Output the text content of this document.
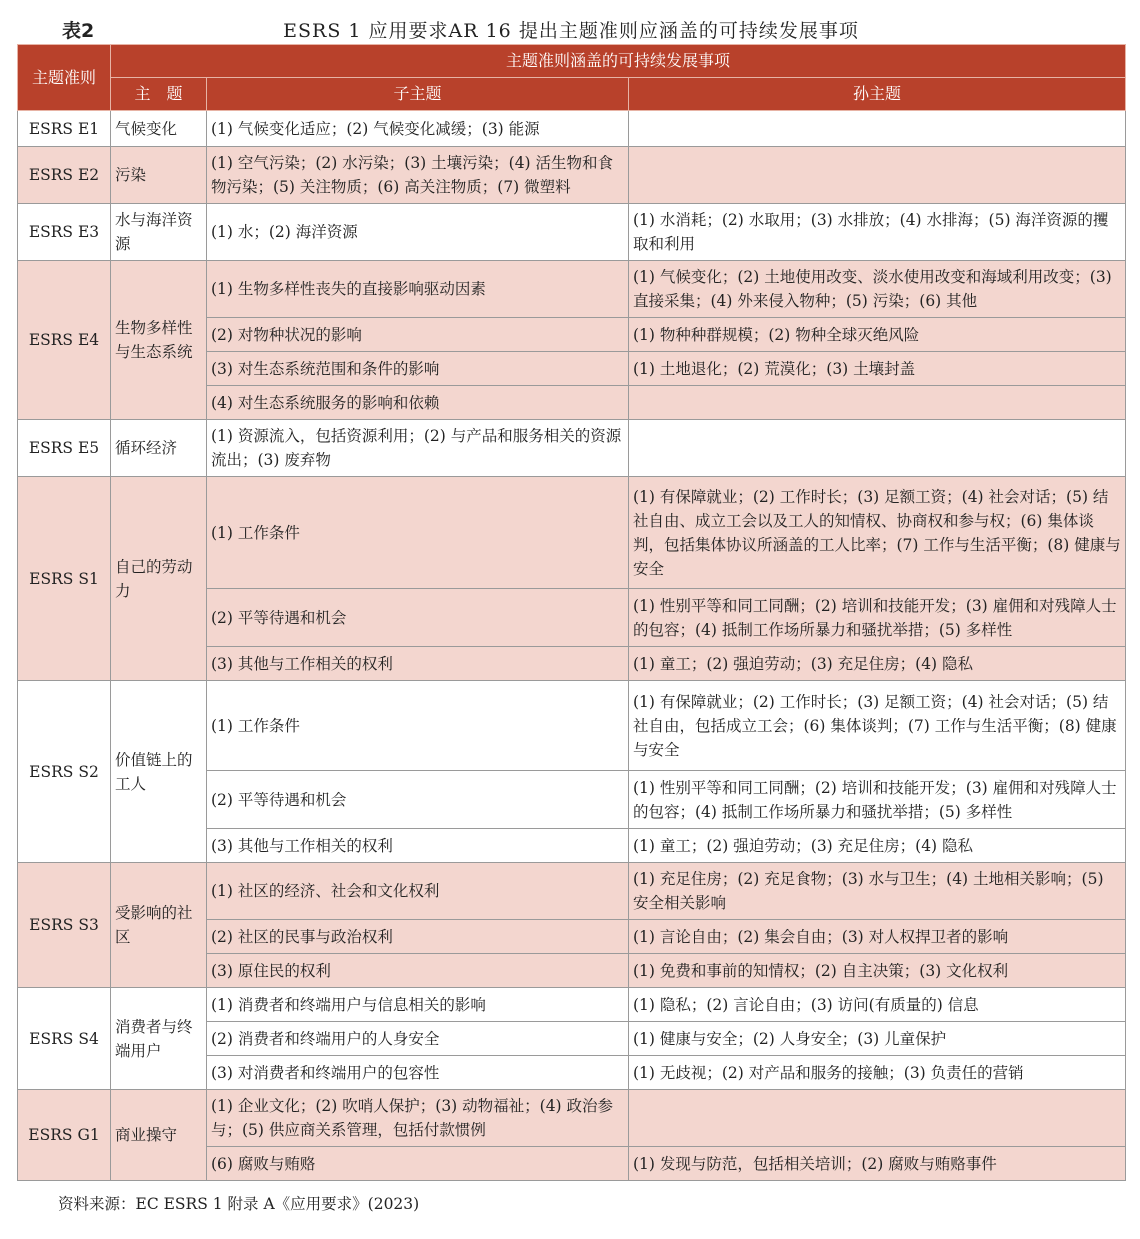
表2	ESRS 1 应用要求AR 16 提出主题准则应涵盖的可持续发展事项
主题准则	主题准则涵盖的可持续发展事项		
	主　题	子主题	孙主题
ESRS E1	气候变化	(1) 气候变化适应；(2) 气候变化减缓；(3) 能源	
ESRS E2	污染	(1) 空气污染；(2) 水污染；(3) 土壤污染；(4) 活生物和食物污染；(5) 关注物质；(6) 高关注物质；(7) 微塑料	
ESRS E3	水与海洋资源	(1) 水；(2) 海洋资源	(1) 水消耗；(2) 水取用；(3) 水排放；(4) 水排海；(5) 海洋资源的攫取和利用
ESRS E4	生物多样性与生态系统	(1) 生物多样性丧失的直接影响驱动因素	(1) 气候变化；(2) 土地使用改变、淡水使用改变和海域利用改变；(3) 直接采集；(4) 外来侵入物种；(5) 污染；(6) 其他
		(2) 对物种状况的影响	(1) 物种种群规模；(2) 物种全球灭绝风险
		(3) 对生态系统范围和条件的影响	(1) 土地退化；(2) 荒漠化；(3) 土壤封盖
		(4) 对生态系统服务的影响和依赖	
ESRS E5	循环经济	(1) 资源流入，包括资源利用；(2) 与产品和服务相关的资源流出；(3) 废弃物	
ESRS S1	自己的劳动力	(1) 工作条件	(1) 有保障就业；(2) 工作时长；(3) 足额工资；(4) 社会对话；(5) 结社自由、成立工会以及工人的知情权、协商权和参与权；(6) 集体谈判，包括集体协议所涵盖的工人比率；(7) 工作与生活平衡；(8) 健康与安全
		(2) 平等待遇和机会	(1) 性别平等和同工同酬；(2) 培训和技能开发；(3) 雇佣和对残障人士的包容；(4) 抵制工作场所暴力和骚扰举措；(5) 多样性
		(3) 其他与工作相关的权利	(1) 童工；(2) 强迫劳动；(3) 充足住房；(4) 隐私
ESRS S2	价值链上的工人	(1) 工作条件	(1) 有保障就业；(2) 工作时长；(3) 足额工资；(4) 社会对话；(5) 结社自由，包括成立工会；(6) 集体谈判；(7) 工作与生活平衡；(8) 健康与安全
		(2) 平等待遇和机会	(1) 性别平等和同工同酬；(2) 培训和技能开发；(3) 雇佣和对残障人士的包容；(4) 抵制工作场所暴力和骚扰举措；(5) 多样性
		(3) 其他与工作相关的权利	(1) 童工；(2) 强迫劳动；(3) 充足住房；(4) 隐私
ESRS S3	受影响的社区	(1) 社区的经济、社会和文化权利	(1) 充足住房；(2) 充足食物；(3) 水与卫生；(4) 土地相关影响；(5) 安全相关影响
		(2) 社区的民事与政治权利	(1) 言论自由；(2) 集会自由；(3) 对人权捍卫者的影响
		(3) 原住民的权利	(1) 免费和事前的知情权；(2) 自主决策；(3) 文化权利
ESRS S4	消费者与终端用户	(1) 消费者和终端用户与信息相关的影响	(1) 隐私；(2) 言论自由；(3) 访问(有质量的) 信息
		(2) 消费者和终端用户的人身安全	(1) 健康与安全；(2) 人身安全；(3) 儿童保护
		(3) 对消费者和终端用户的包容性	(1) 无歧视；(2) 对产品和服务的接触；(3) 负责任的营销
ESRS G1	商业操守	(1) 企业文化；(2) 吹哨人保护；(3) 动物福祉；(4) 政治参与；(5) 供应商关系管理，包括付款惯例	
		(6) 腐败与贿赂	(1) 发现与防范，包括相关培训；(2) 腐败与贿赂事件
资料来源：EC ESRS 1 附录 A《应用要求》(2023)
